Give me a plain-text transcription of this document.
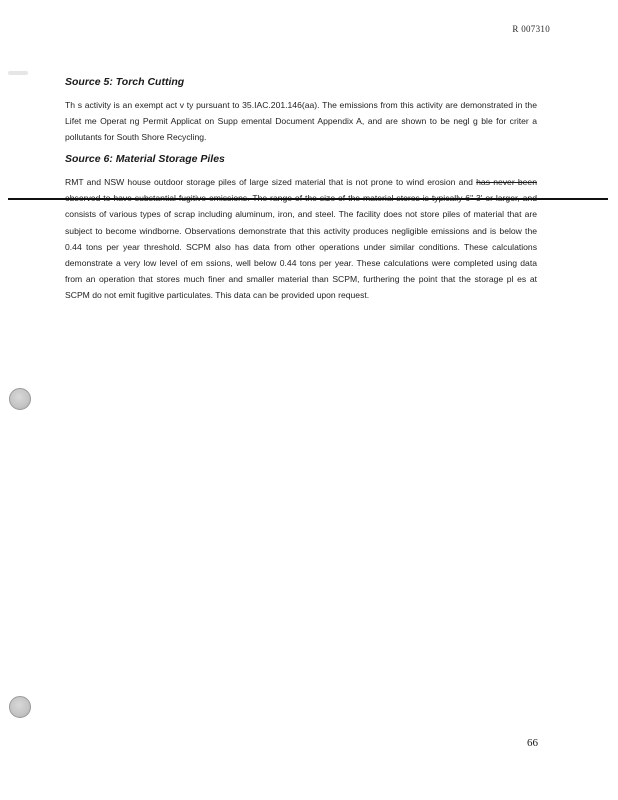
R 007310
Source 5: Torch Cutting

Th s activity is an exempt act v ty pursuant to 35.IAC.201.146(aa). The emissions from this activity are demonstrated in the Lifet me Operat ng Permit Applicat on Supp emental Document Appendix A, and are shown to be negl g ble for criter a pollutants for South Shore Recycling.

Source 6: Material Storage Piles

RMT and NSW house outdoor storage piles of large sized material that is not prone to wind erosion and has never been consists of various types of scrap including aluminum, iron, and steel. The facility does not store piles of material that are subject to become windborne. Observations demonstrate that this activity produces negligible emissions and is below the 0.44 tons per year threshold. SCPM also has data from other operations under similar conditions. These calculations demonstrate a very low level of em ssions, well below 0.44 tons per year. These calculations were completed using data from an operation that stores much finer and smaller material than SCPM, furthering the point that the storage pl es at SCPM do not emit fugitive particulates. This data can be provided upon request.

66
